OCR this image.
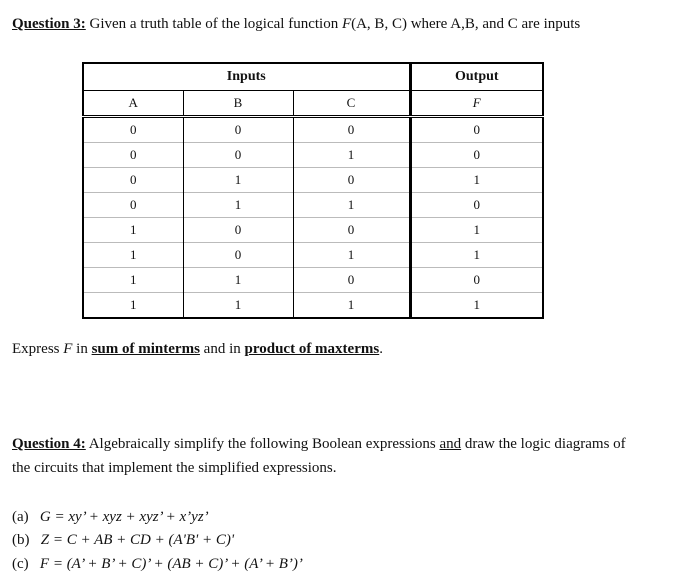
Question 3: Given a truth table of the logical function F(A, B, C) where A,B, and C are inputs
Inputs			Output
A	B	C	F
0	0	0	0
0	0	1	0
0	1	0	1
0	1	1	0
1	0	0	1
1	0	1	1
1	1	0	0
1	1	1	1
Express F in sum of minterms and in product of maxterms.
Question 4: Algebraically simplify the following Boolean expressions and draw the logic diagrams of
the circuits that implement the simplified expressions.
(a) G = xy’ + xyz + xyz’ + x’yz’
(b) Z = C + AB + CD + (A'B' + C)'
(c) F = (A’ + B’ + C)’ + (AB + C)’ + (A’ + B’)’
